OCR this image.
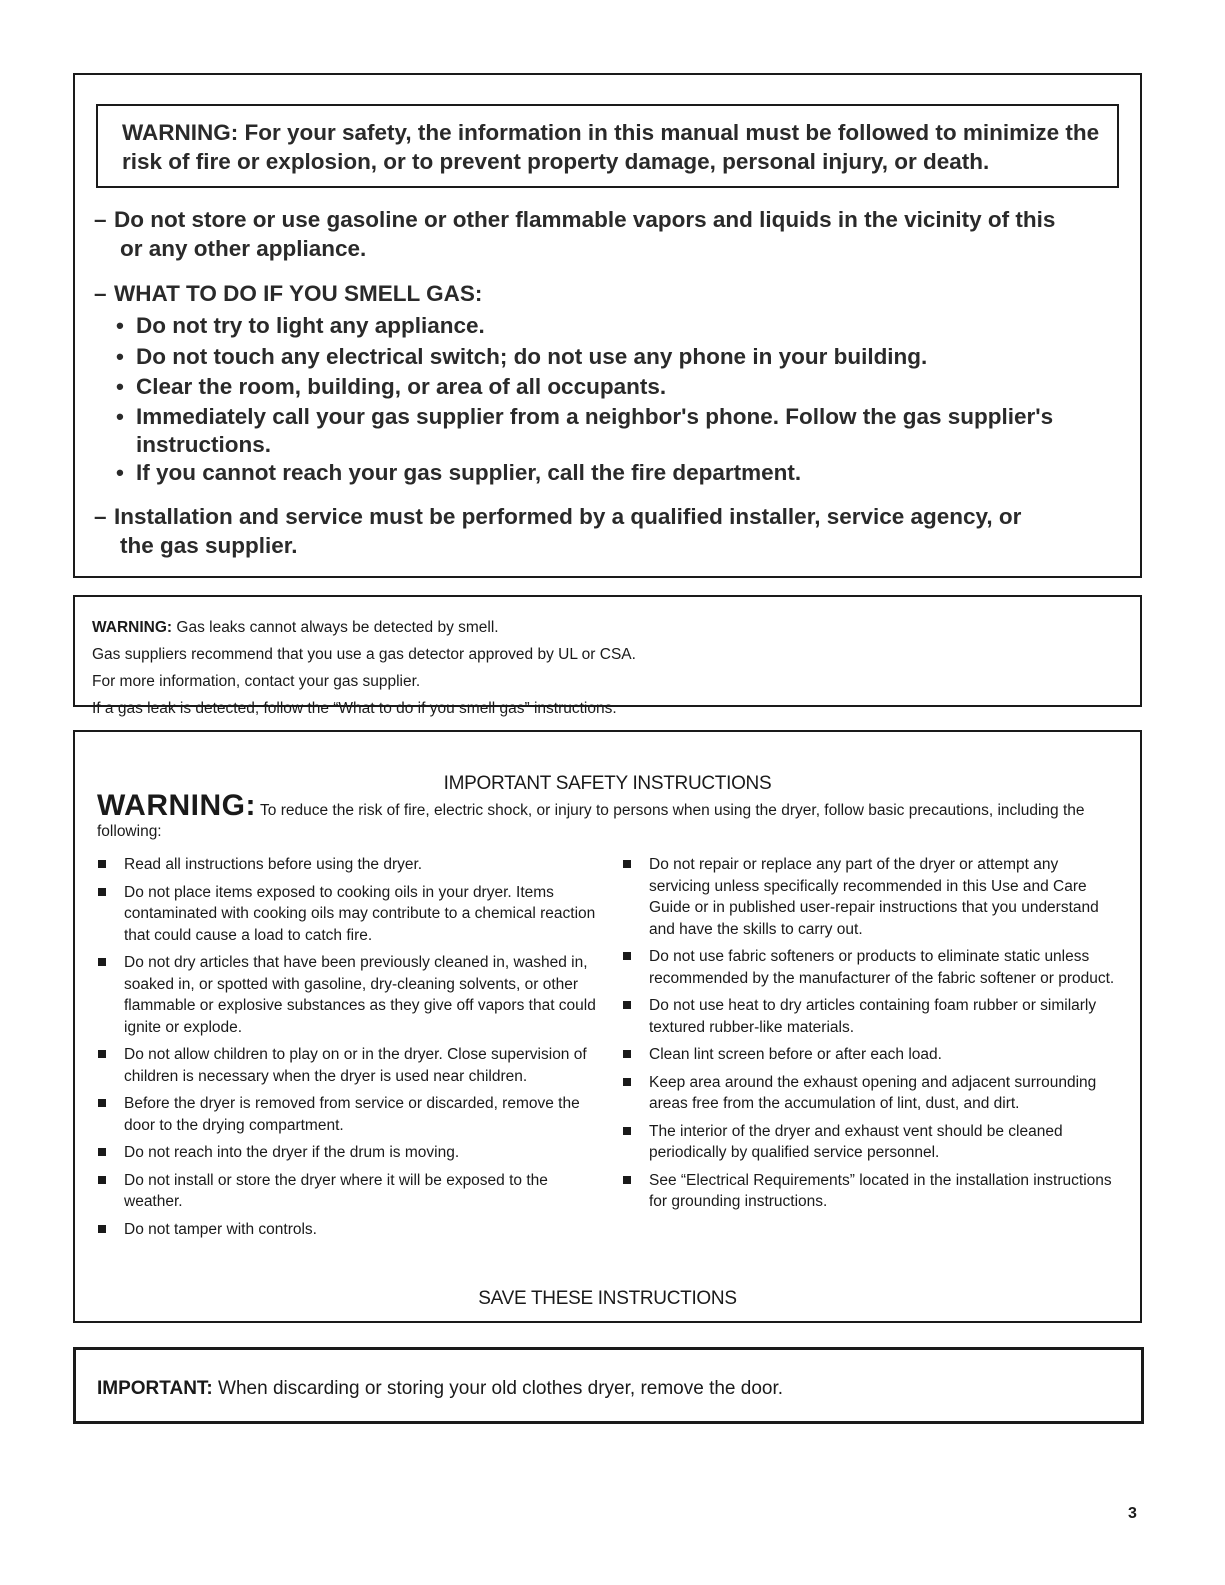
WARNING: For your safety, the information in this manual must be followed to minimize the risk of fire or explosion, or to prevent property damage, personal injury, or death.

– Do not store or use gasoline or other flammable vapors and liquids in the vicinity of this

or any other appliance.

– WHAT TO DO IF YOU SMELL GAS:

• Do not try to light any appliance.

• Do not touch any electrical switch; do not use any phone in your building.

• Clear the room, building, or area of all occupants.

• Immediately call your gas supplier from a neighbor's phone. Follow the gas supplier's

instructions.

• If you cannot reach your gas supplier, call the fire department.

– Installation and service must be performed by a qualified installer, service agency, or

the gas supplier.

WARNING: Gas leaks cannot always be detected by smell.

Gas suppliers recommend that you use a gas detector approved by UL or CSA.

For more information, contact your gas supplier.

If a gas leak is detected, follow the “What to do if you smell gas” instructions.

IMPORTANT SAFETY INSTRUCTIONS

WARNING: To reduce the risk of fire, electric shock, or injury to persons when using the dryer, follow basic precautions, including the following:

Read all instructions before using the dryer.
Do not place items exposed to cooking oils in your dryer. Items contaminated with cooking oils may contribute to a chemical reaction that could cause a load to catch fire.
Do not dry articles that have been previously cleaned in, washed in, soaked in, or spotted with gasoline, dry-cleaning solvents, or other flammable or explosive substances as they give off vapors that could ignite or explode.
Do not allow children to play on or in the dryer. Close supervision of children is necessary when the dryer is used near children.
Before the dryer is removed from service or discarded, remove the door to the drying compartment.
Do not reach into the dryer if the drum is moving.
Do not install or store the dryer where it will be exposed to the weather.
Do not tamper with controls.
Do not repair or replace any part of the dryer or attempt any servicing unless specifically recommended in this Use and Care Guide or in published user-repair instructions that you understand and have the skills to carry out.
Do not use fabric softeners or products to eliminate static unless recommended by the manufacturer of the fabric softener or product.
Do not use heat to dry articles containing foam rubber or similarly textured rubber-like materials.
Clean lint screen before or after each load.
Keep area around the exhaust opening and adjacent surrounding areas free from the accumulation of lint, dust, and dirt.
The interior of the dryer and exhaust vent should be cleaned periodically by qualified service personnel.
See “Electrical Requirements” located in the installation instructions for grounding instructions.

SAVE THESE INSTRUCTIONS

IMPORTANT: When discarding or storing your old clothes dryer, remove the door.

3
